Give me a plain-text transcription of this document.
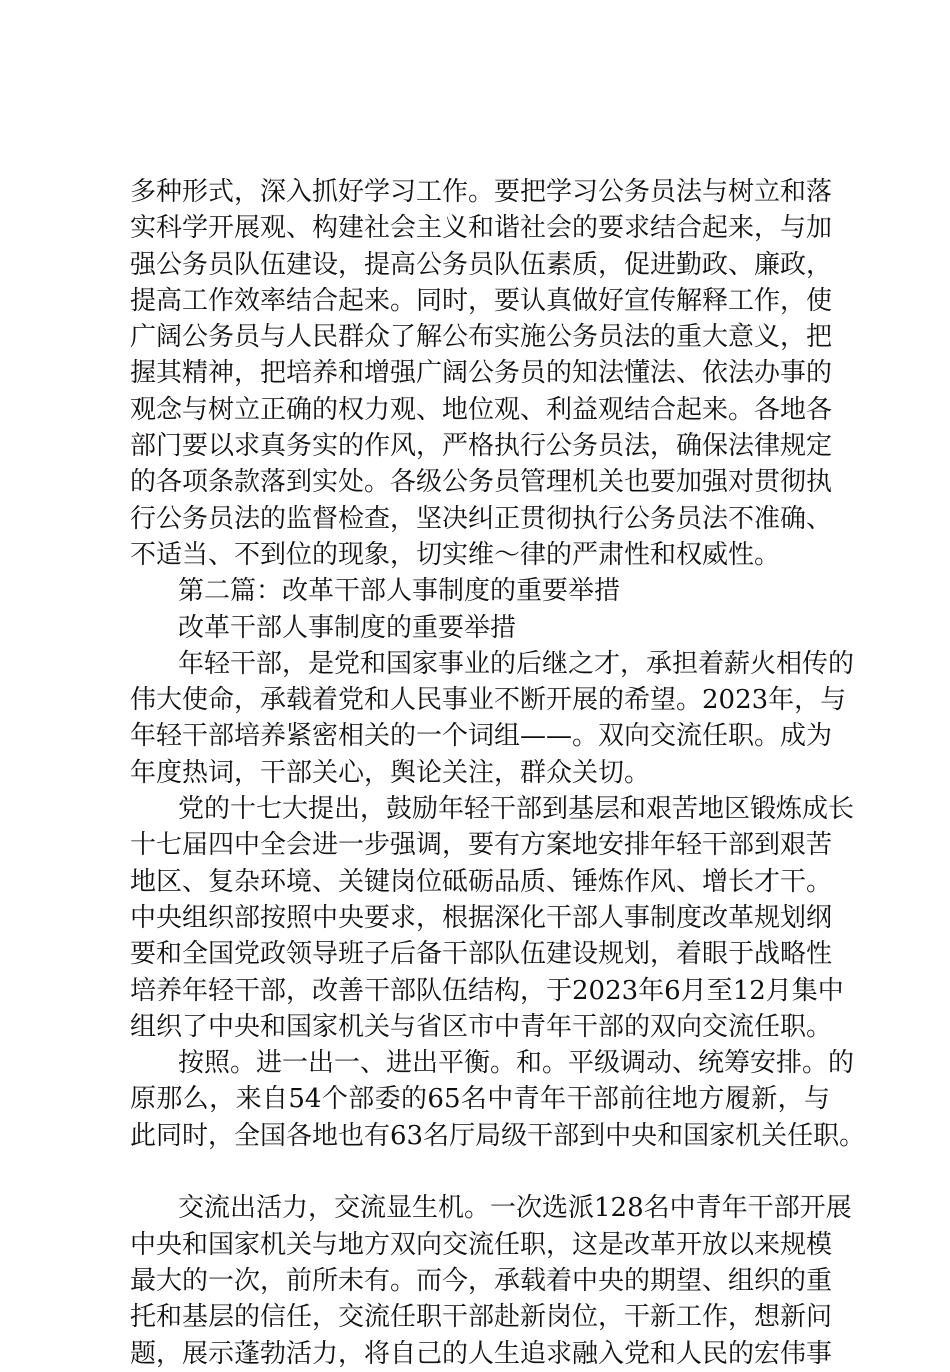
多种形式，深入抓好学习工作。要把学习公务员法与树立和落
实科学开展观、构建社会主义和谐社会的要求结合起来，与加
强公务员队伍建设，提高公务员队伍素质，促进勤政、廉政，
提高工作效率结合起来。同时，要认真做好宣传解释工作，使
广阔公务员与人民群众了解公布实施公务员法的重大意义，把
握其精神，把培养和增强广阔公务员的知法懂法、依法办事的
观念与树立正确的权力观、地位观、利益观结合起来。各地各
部门要以求真务实的作风，严格执行公务员法，确保法律规定
的各项条款落到实处。各级公务员管理机关也要加强对贯彻执
行公务员法的监督检查，坚决纠正贯彻执行公务员法不准确、
不适当、不到位的现象，切实维～律的严肃性和权威性。
第二篇：改革干部人事制度的重要举措
改革干部人事制度的重要举措
年轻干部，是党和国家事业的后继之才，承担着薪火相传的
伟大使命，承载着党和人民事业不断开展的希望。2023年，与
年轻干部培养紧密相关的一个词组——。双向交流任职。成为
年度热词，干部关心，舆论关注，群众关切。
党的十七大提出，鼓励年轻干部到基层和艰苦地区锻炼成长
十七届四中全会进一步强调，要有方案地安排年轻干部到艰苦
地区、复杂环境、关键岗位砥砺品质、锤炼作风、增长才干。
中央组织部按照中央要求，根据深化干部人事制度改革规划纲
要和全国党政领导班子后备干部队伍建设规划，着眼于战略性
培养年轻干部，改善干部队伍结构，于2023年6月至12月集中
组织了中央和国家机关与省区市中青年干部的双向交流任职。
按照。进一出一、进出平衡。和。平级调动、统筹安排。的
原那么，来自54个部委的65名中青年干部前往地方履新，与
此同时，全国各地也有63名厅局级干部到中央和国家机关任职。
交流出活力，交流显生机。一次选派128名中青年干部开展
中央和国家机关与地方双向交流任职，这是改革开放以来规模
最大的一次，前所未有。而今，承载着中央的期望、组织的重
托和基层的信任，交流任职干部赴新岗位，干新工作，想新问
题，展示蓬勃活力，将自己的人生追求融入党和人民的宏伟事
